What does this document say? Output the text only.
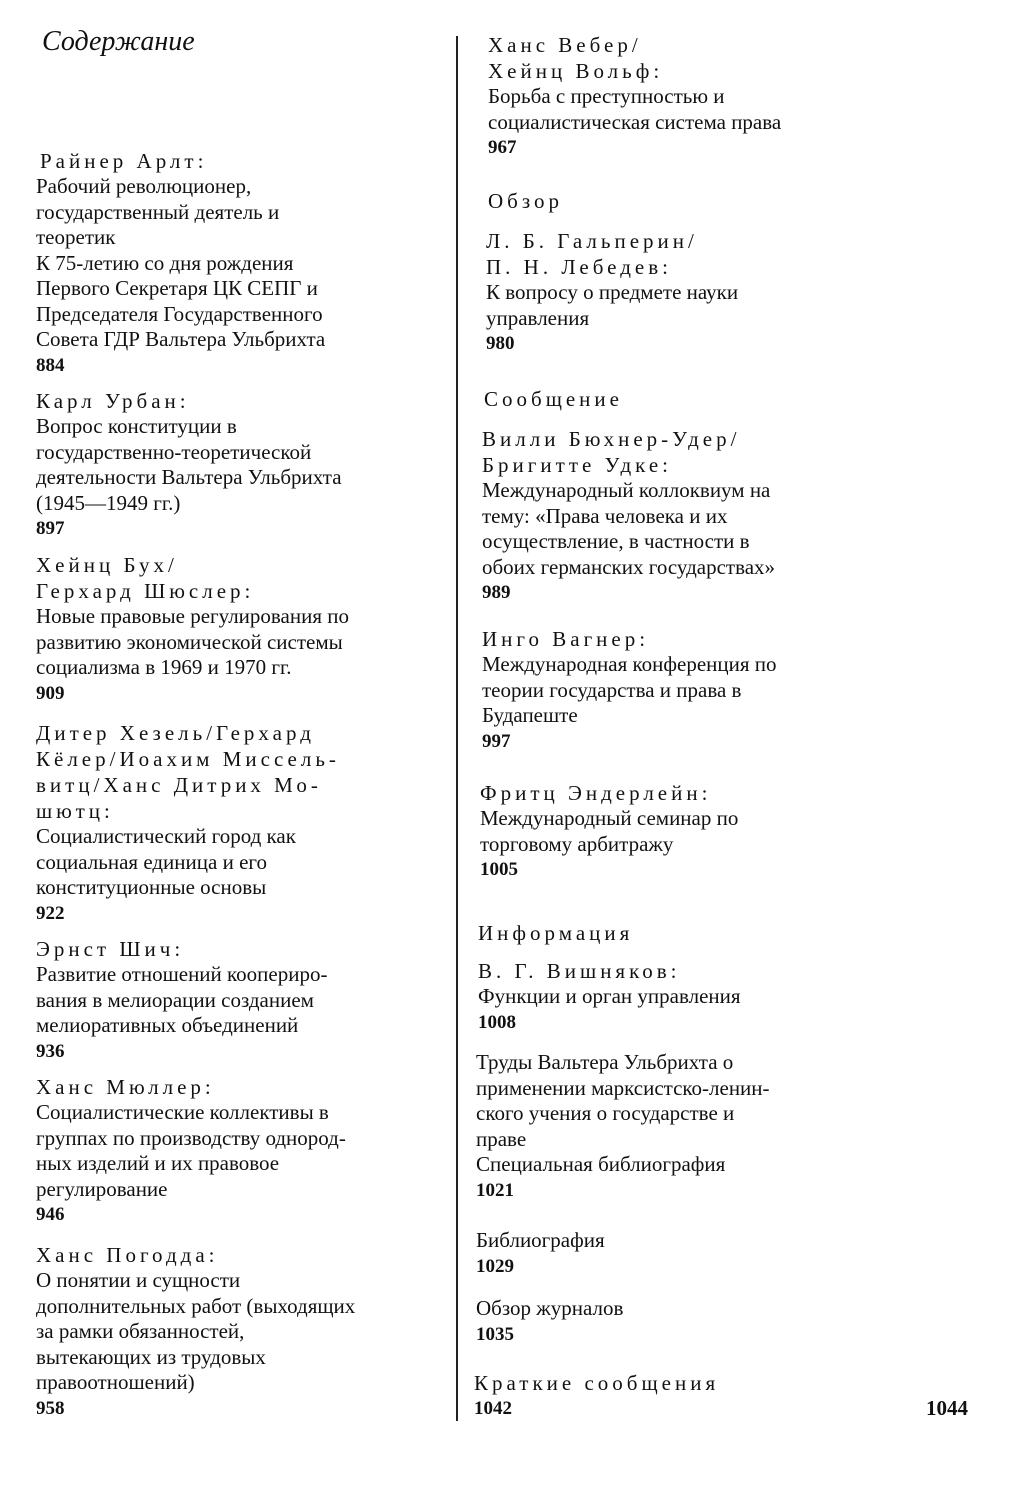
Содержание
Райнер Арлт:
Рабочий революционер,
государственный деятель и
теоретик
К 75-летию со дня рождения
Первого Секретаря ЦК СЕПГ и
Председателя Государственного
Совета ГДР Вальтера Ульбрихта
884
Карл Урбан:
Вопрос конституции в
государственно-теоретической
деятельности Вальтера Ульбрихта
(1945—1949 гг.)
897
Хейнц Бух/
Герхард Шюслер:
Новые правовые регулирования по
развитию экономической системы
социализма в 1969 и 1970 гг.
909
Дитер Хезель/Герхард
Кёлер/Иоахим Миссель-
витц/Ханс Дитрих Мо-
шютц:
Социалистический город как
социальная единица и его
конституционные основы
922
Эрнст Шич:
Развитие отношений коопериро-
вания в мелиорации созданием
мелиоративных объединений
936
Ханс Мюллер:
Социалистические коллективы в
группах по производству однород-
ных изделий и их правовое
регулирование
946
Ханс Погодда:
О понятии и сущности
дополнительных работ (выходящих
за рамки обязанностей,
вытекающих из трудовых
правоотношений)
958
Ханс Вебер/
Хейнц Вольф:
Борьба с преступностью и
социалистическая система права
967
Обзор
Л. Б. Гальперин/
П. Н. Лебедев:
К вопросу о предмете науки
управления
980
Сообщение
Вилли Бюхнер-Удер/
Бригитте Удке:
Международный коллоквиум на
тему: «Права человека и их
осуществление, в частности в
обоих германских государствах»
989
Инго Вагнер:
Международная конференция по
теории государства и права в
Будапеште
997
Фритц Эндерлейн:
Международный семинар по
торговому арбитражу
1005
Информация
В. Г. Вишняков:
Функции и орган управления
1008
Труды Вальтера Ульбрихта о
применении марксистско-ленин-
ского учения о государстве и
праве
Специальная библиография
1021
Библиография
1029
Обзор журналов
1035
Краткие сообщения
1042	1044
